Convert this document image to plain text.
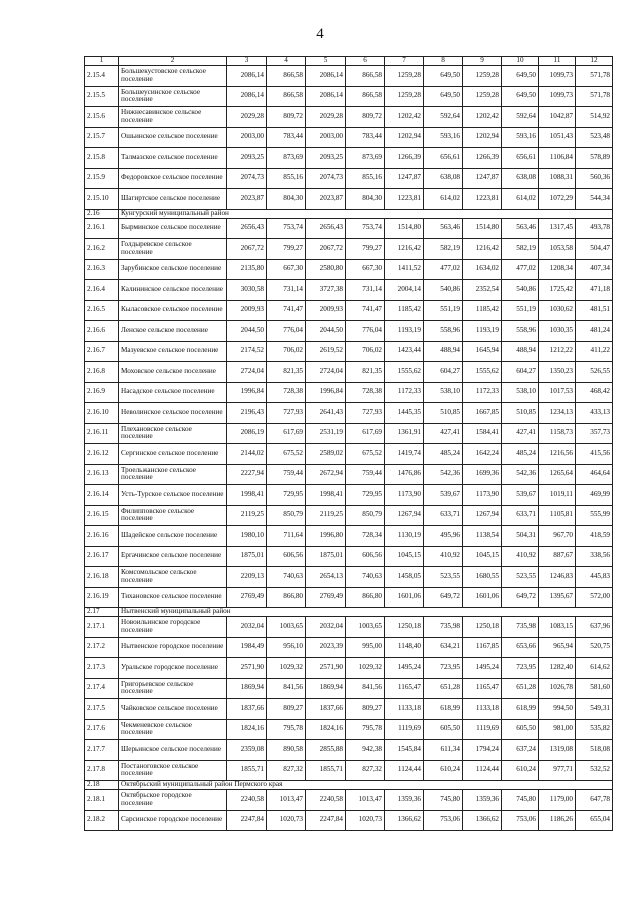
4
1	2	3	4	5	6	7	8	9	10	11	12
2.15.4	Большекустовское сельское поселение	2086,14	866,58	2086,14	866,58	1259,28	649,50	1259,28	649,50	1099,73	571,78
2.15.5	Большеусинское сельское поселение	2086,14	866,58	2086,14	866,58	1259,28	649,50	1259,28	649,50	1099,73	571,78
2.15.6	Нижнесавинское сельское поселение	2029,28	809,72	2029,28	809,72	1202,42	592,64	1202,42	592,64	1042,87	514,92
2.15.7	Ошьинское сельское поселение	2003,00	783,44	2003,00	783,44	1202,94	593,16	1202,94	593,16	1051,43	523,48
2.15.8	Талмазское сельское поселение	2093,25	873,69	2093,25	873,69	1266,39	656,61	1266,39	656,61	1106,84	578,89
2.15.9	Федоровское сельское поселение	2074,73	855,16	2074,73	855,16	1247,87	638,08	1247,87	638,08	1088,31	560,36
2.15.10	Шагиртское сельское поселение	2023,87	804,30	2023,87	804,30	1223,81	614,02	1223,81	614,02	1072,29	544,34
2.16	Кунгурский муниципальный район										
2.16.1	Бырминское сельское поселение	2656,43	753,74	2656,43	753,74	1514,80	563,46	1514,80	563,46	1317,45	493,78
2.16.2	Голдыревское сельское поселение	2067,72	799,27	2067,72	799,27	1216,42	582,19	1216,42	582,19	1053,58	504,47
2.16.3	Зарубинское сельское поселение	2135,80	667,30	2580,80	667,30	1411,52	477,02	1634,02	477,02	1208,34	407,34
2.16.4	Калининское сельское поселение	3030,58	731,14	3727,38	731,14	2004,14	540,86	2352,54	540,86	1725,42	471,18
2.16.5	Кыласовское сельское поселение	2009,93	741,47	2009,93	741,47	1185,42	551,19	1185,42	551,19	1030,62	481,51
2.16.6	Ленское сельское поселение	2044,50	776,04	2044,50	776,04	1193,19	558,96	1193,19	558,96	1030,35	481,24
2.16.7	Мазуевское сельское поселение	2174,52	706,02	2619,52	706,02	1423,44	488,94	1645,94	488,94	1212,22	411,22
2.16.8	Моховское сельское поселение	2724,04	821,35	2724,04	821,35	1555,62	604,27	1555,62	604,27	1350,23	526,55
2.16.9	Насадское сельское поселение	1996,84	728,38	1996,84	728,38	1172,33	538,10	1172,33	538,10	1017,53	468,42
2.16.10	Неволинское сельское поселение	2196,43	727,93	2641,43	727,93	1445,35	510,85	1667,85	510,85	1234,13	433,13
2.16.11	Плехановское сельское поселение	2086,19	617,69	2531,19	617,69	1361,91	427,41	1584,41	427,41	1158,73	357,73
2.16.12	Сергинское сельское поселение	2144,02	675,52	2589,02	675,52	1419,74	485,24	1642,24	485,24	1216,56	415,56
2.16.13	Троельжанское сельское поселение	2227,94	759,44	2672,94	759,44	1476,86	542,36	1699,36	542,36	1265,64	464,64
2.16.14	Усть-Турское сельское поселение	1998,41	729,95	1998,41	729,95	1173,90	539,67	1173,90	539,67	1019,11	469,99
2.16.15	Филипповское сельское поселение	2119,25	850,79	2119,25	850,79	1267,94	633,71	1267,94	633,71	1105,81	555,99
2.16.16	Шадейское сельское поселение	1980,10	711,64	1996,80	728,34	1130,19	495,96	1138,54	504,31	967,70	418,59
2.16.17	Ергачинское сельское поселение	1875,01	606,56	1875,01	606,56	1045,15	410,92	1045,15	410,92	887,67	338,56
2.16.18	Комсомольское сельское поселение	2209,13	740,63	2654,13	740,63	1458,05	523,55	1680,55	523,55	1246,83	445,83
2.16.19	Тихановское сельское поселение	2769,49	866,80	2769,49	866,80	1601,06	649,72	1601,06	649,72	1395,67	572,00
2.17	Нытвенский муниципальный район										
2.17.1	Новоильинское городское поселение	2032,04	1003,65	2032,04	1003,65	1250,18	735,98	1250,18	735,98	1083,15	637,96
2.17.2	Нытвенское городское поселение	1984,49	956,10	2023,39	995,00	1148,40	634,21	1167,85	653,66	965,94	520,75
2.17.3	Уральское городское поселение	2571,90	1029,32	2571,90	1029,32	1495,24	723,95	1495,24	723,95	1282,40	614,62
2.17.4	Григорьевское сельское поселение	1869,94	841,56	1869,94	841,56	1165,47	651,28	1165,47	651,28	1026,78	581,60
2.17.5	Чайковское сельское поселение	1837,66	809,27	1837,66	809,27	1133,18	618,99	1133,18	618,99	994,50	549,31
2.17.6	Чекменевское сельское поселение	1824,16	795,78	1824,16	795,78	1119,69	605,50	1119,69	605,50	981,00	535,82
2.17.7	Шерьинское сельское поселение	2359,08	890,58	2855,88	942,38	1545,84	611,34	1794,24	637,24	1319,08	518,08
2.17.8	Постаноговское сельское поселение	1855,71	827,32	1855,71	827,32	1124,44	610,24	1124,44	610,24	977,71	532,52
2.18	Октябрьский муниципальный район Пермского края										
2.18.1	Октябрьское городское поселение	2240,58	1013,47	2240,58	1013,47	1359,36	745,80	1359,36	745,80	1179,00	647,78
2.18.2	Сарсинское городское поселение	2247,84	1020,73	2247,84	1020,73	1366,62	753,06	1366,62	753,06	1186,26	655,04
